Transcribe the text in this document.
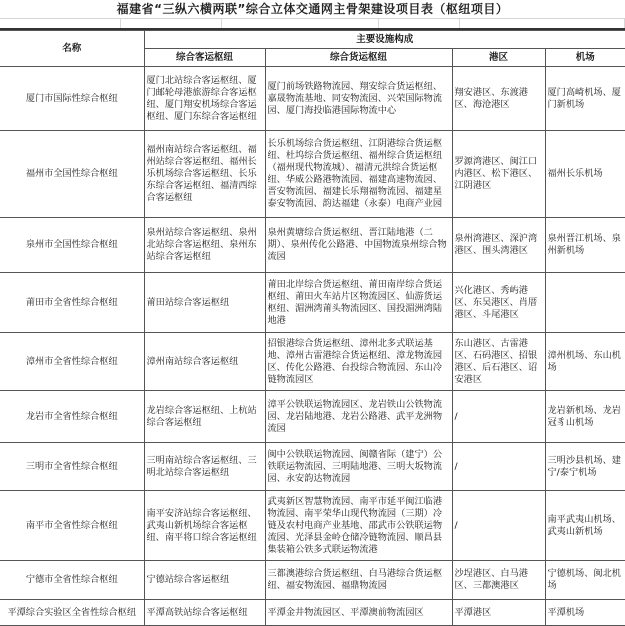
福建省“三纵六横两联”综合立体交通网主骨架建设项目表（枢纽项目）
名称	主要设施构成			
	综合客运枢纽	综合货运枢纽	港区	机场
厦门市国际性综合枢纽	厦门北站综合客运枢纽、厦门邮轮母港旅游综合客运枢纽、厦门翔安机场综合客运枢纽、厦门东综合客运枢纽	厦门前场铁路物流园、翔安综合货运枢纽、嘉晟物流基地、同安物流园、兴荣国际物流园、厦门海投临港国际物流中心	翔安港区、东渡港区、海沧港区	厦门高崎机场、厦门新机场
福州市全国性综合枢纽	福州南站综合客运枢纽、福州站综合客运枢纽、福州长乐机场综合客运枢纽、长乐东综合客运枢纽、福清西综合客运枢纽	长乐机场综合货运枢纽、江阴港综合货运枢纽、杜坞综合货运枢纽、福州综合货运枢纽（福州现代物流城）、福清元洪综合货运枢纽、华威公路港物流园、福建高速物流园、晋安物流园、福建长乐翔福物流园、福建星泰安物流园、韵达福建（永泰）电商产业园	罗源湾港区、闽江口内港区、松下港区、江阴港区	福州长乐机场
泉州市全国性综合枢纽	泉州站综合客运枢纽、泉州北站综合客运枢纽、泉州东站综合客运枢纽	泉州黄塘综合货运枢纽、晋江陆地港（二期）、泉州传化公路港、中国物流泉州综合物流园	泉州湾港区、深沪湾港区、围头湾港区	泉州晋江机场、泉州新机场
莆田市全省性综合枢纽	莆田站综合客运枢纽	莆田北岸综合货运枢纽、莆田南岸综合货运枢纽、莆田火车站片区物流园区、仙游货运枢纽、湄洲湾莆头物流园区、国投湄洲湾陆地港	兴化港区、秀屿港区、东吴港区、肖厝港区、斗尾港区	
漳州市全省性综合枢纽	漳州南站综合客运枢纽	招银港综合货运枢纽、漳州北多式联运基地、漳州古雷港综合货运枢纽、漳龙物流园区、传化公路港、台投综合物流园、东山冷链物流园区	东山港区、古雷港区、石码港区、招银港区、后石港区、诏安港区	漳州机场、东山机场
龙岩市全省性综合枢纽	龙岩综合客运枢纽、上杭站综合客运枢纽	漳平公铁联运物流园区、龙岩铁山公铁物流园、龙岩陆地港、龙岩公路港、武平龙洲物流园	/	龙岩新机场、龙岩冠豸山机场
三明市全省性综合枢纽	三明南站综合客运枢纽、三明北站综合客运枢纽	闽中公铁联运物流园、闽赣省际（建宁）公铁联运物流园、三明陆地港、三明大坂物流园、永安韵达物流园	/	三明沙县机场、建宁/泰宁机场
南平市全省性综合枢纽	南平安济站综合客运枢纽、武夷山新机场综合客运枢纽、南平将口综合客运枢纽	武夷新区智慧物流园、南平市延平闽江临港物流园、南平荣华山现代物流园（三期）冷链及农村电商产业基地、邵武市公铁联运物流园、光泽县金岭仓储冷链物流园、顺昌县集装箱公铁多式联运物流港	/	南平武夷山机场、武夷山新机场
宁德市全省性综合枢纽	宁德站综合客运枢纽	三都澳港综合货运枢纽、白马港综合货运枢纽、福安物流园、福鼎物流园	沙埕港区、白马港区、三都澳港区	宁德机场、闽北机场
平潭综合实验区全省性综合枢纽	平潭高铁站综合客运枢纽	平潭金井物流园区、平潭澳前物流园区	平潭港区	平潭机场
